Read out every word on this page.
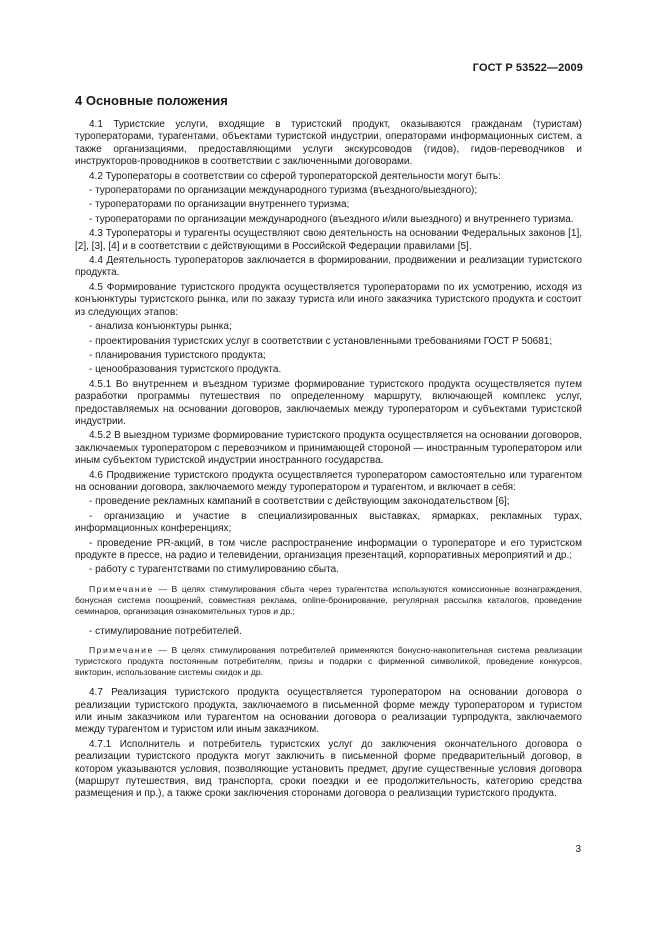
ГОСТ Р 53522—2009
4 Основные положения

4.1 Туристские услуги, входящие в туристский продукт, оказываются гражданам (туристам) туроператорами, турагентами, объектами туристской индустрии, операторами информационных систем, а также организациями, предоставляющими услуги экскурсоводов (гидов), гидов-переводчиков и инструкторов-проводников в соответствии с заключенными договорами.

4.2 Туроператоры в соответствии со сферой туроператорской деятельности могут быть:

- туроператорами по организации международного туризма (въездного/выездного);

- туроператорами по организации внутреннего туризма;

- туроператорами по организации международного (въездного и/или выездного) и внутреннего туризма.

4.3 Туроператоры и турагенты осуществляют свою деятельность на основании Федеральных законов [1], [2], [3], [4] и в соответствии с действующими в Российской Федерации правилами [5].

4.4 Деятельность туроператоров заключается в формировании, продвижении и реализации туристского продукта.

4.5 Формирование туристского продукта осуществляется туроператорами по их усмотрению, исходя из конъюнктуры туристского рынка, или по заказу туриста или иного заказчика туристского продукта и состоит из следующих этапов:

- анализа конъюнктуры рынка;

- проектирования туристских услуг в соответствии с установленными требованиями ГОСТ Р 50681;

- планирования туристского продукта;

- ценообразования туристского продукта.

4.5.1 Во внутреннем и въездном туризме формирование туристского продукта осуществляется путем разработки программы путешествия по определенному маршруту, включающей комплекс услуг, предоставляемых на основании договоров, заключаемых между туроператором и субъектами туристской индустрии.

4.5.2 В выездном туризме формирование туристского продукта осуществляется на основании договоров, заключаемых туроператором с перевозчиком и принимающей стороной — иностранным туроператором или иным субъектом туристской индустрии иностранного государства.

4.6 Продвижение туристского продукта осуществляется туроператором самостоятельно или турагентом на основании договора, заключаемого между туроператором и турагентом, и включает в себя:

- проведение рекламных кампаний в соответствии с действующим законодательством [6];

- организацию и участие в специализированных выставках, ярмарках, рекламных турах, информационных конференциях;

- проведение PR-акций, в том числе распространение информации о туроператоре и его туристском продукте в прессе, на радио и телевидении, организация презентаций, корпоративных мероприятий и др.;

- работу с турагентствами по стимулированию сбыта.

Примечание — В целях стимулирования сбыта через турагентства используются комиссионные вознаграждения, бонусная система поощрений, совместная реклама, online-бронирование, регулярная рассылка каталогов, проведение семинаров, организация ознакомительных туров и др.;

- стимулирование потребителей.

Примечание — В целях стимулирования потребителей применяются бонусно-накопительная система реализации туристского продукта постоянным потребителям, призы и подарки с фирменной символикой, проведение конкурсов, викторин, использование системы скидок и др.

4.7 Реализация туристского продукта осуществляется туроператором на основании договора о реализации туристского продукта, заключаемого в письменной форме между туроператором и туристом или иным заказчиком или турагентом на основании договора о реализации турпродукта, заключаемого между турагентом и туристом или иным заказчиком.

4.7.1 Исполнитель и потребитель туристских услуг до заключения окончательного договора о реализации туристского продукта могут заключить в письменной форме предварительный договор, в котором указываются условия, позволяющие установить предмет, другие существенные условия договора (маршрут путешествия, вид транспорта, сроки поездки и ее продолжительность, категорию средства размещения и пр.), а также сроки заключения сторонами договора о реализации туристского продукта.

3
